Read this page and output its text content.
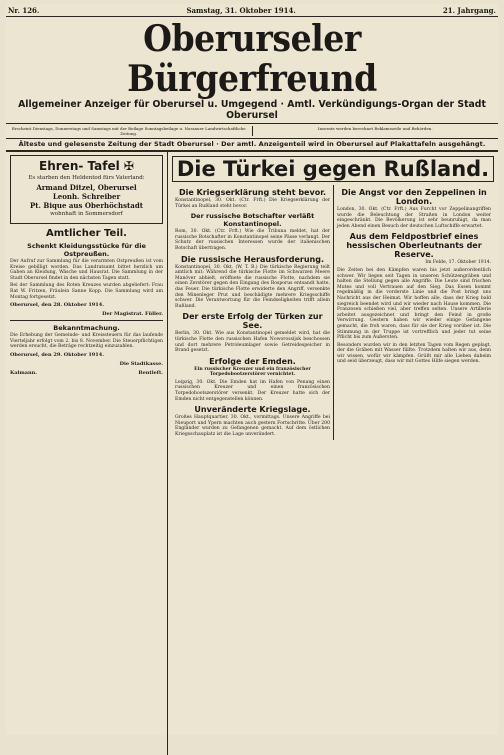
Nr. 126.	Samstag, 31. Oktober 1914.	21. Jahrgang.
Oberurseler Bürgerfreund
Allgemeiner Anzeiger für Oberursel u. Umgegend · Amtl. Verkündigungs-Organ der Stadt Oberursel
Erscheint Dienstags, Donnerstags und Samstags mit der Beilage Sonntagsbeilage u. Nassauer Landwirtschaftliche Zeitung.
Inserate werden berechnet Reklamezeile und Behörden.
Älteste und gelesenste Zeitung der Stadt Oberursel · Der amtl. Anzeigenteil wird in Oberursel auf Plakattafeln ausgehängt.
Ehren- Tafel ✠

Es starben den Heldentod fürs Vaterland:

Armand Ditzel, Oberursel

Leonh. Schreiber

Pt. Bique aus Oberhöchstadt

wohnhaft in Sommersdorf

Amtlicher Teil.
Schenkt Kleidungsstücke für die Ostpreußen.

Der Aufruf zur Sammlung für die verarmten Ostpreußen ist vom Kreise gebilligt worden. Das Landratsamt bittet herzlich um Gaben an Kleidung, Wäsche und Hausrat. Die Sammlung in der Stadt Oberursel findet in den nächsten Tagen statt.

Bei der Sammlung des Roten Kreuzes wurden abgeliefert: Frau Rat W. Fritzen, Fräulein Sanne Kopp. Die Sammlung wird am Montag fortgesetzt.

Oberursel, den 28. Oktober 1914.
Der Magistrat. Füller.
Bekanntmachung.

Die Erhebung der Gemeinde- und Kreissteuern für das laufende Vierteljahr erfolgt vom 2. bis 8. November. Die Steuerpflichtigen werden ersucht, die Beträge rechtzeitig einzuzahlen.

Oberursel, den 29. Oktober 1914.
Die Stadtkasse.
Kalmann.	Bentleft.
Die Türkei gegen Rußland.
Die Kriegserklärung steht bevor.

Konstantinopel, 30. Okt. (Ctr. Frft.) Die Kriegserklärung der Türkei an Rußland steht bevor.

Der russische Botschafter verläßt Konstantinopel.

Rom, 30. Okt. (Ctr. Frft.) Wie die Tribuna meldet, hat der russische Botschafter in Konstantinopel seine Pässe verlangt. Der Schutz der russischen Interessen wurde der italienischen Botschaft übertragen.

Die russische Herausforderung.

Konstantinopel, 30. Okt. (W. T. B.) Die türkische Regierung teilt amtlich mit: Während die türkische Flotte im Schwarzen Meere Manöver abhielt, eröffnete die russische Flotte, nachdem sie einen Zerstörer gegen den Eingang des Bosporus entsandt hatte, das Feuer. Die türkische Flotte erwiderte den Angriff, versenkte den Minenleger Prut und beschädigte mehrere Kriegsschiffe schwer. Die Verantwortung für die Feindseligkeiten trifft allein Rußland.

Der erste Erfolg der Türken zur See.

Berlin, 30. Okt. Wie aus Konstantinopel gemeldet wird, hat die türkische Flotte den russischen Hafen Noworossijsk beschossen und dort mehrere Petroleumlager sowie Getreidespeicher in Brand gesetzt.

Erfolge der Emden.

Ein russischer Kreuzer und ein französischer Torpedobootzerstörer vernichtet.

Leipzig, 30. Okt. Die Emden hat im Hafen von Penang einen russischen Kreuzer und einen französischen Torpedobootszerstörer versenkt. Der Kreuzer hatte sich der Emden nicht entgegenstellen können.

Unveränderte Kriegslage.

Großes Hauptquartier, 30. Okt., vormittags. Unsere Angriffe bei Nieuport und Ypern machten auch gestern Fortschritte. Über 200 Engländer wurden zu Gefangenen gemacht. Auf dem östlichen Kriegsschauplatz ist die Lage unverändert.

Die Angst vor den Zeppelinen in London.

London, 30. Okt. (Ctr. Frft.) Aus Furcht vor Zeppelinangriffen wurde die Beleuchtung der Straßen in London weiter eingeschränkt. Die Bevölkerung ist sehr beunruhigt, da man jeden Abend einen Besuch der deutschen Luftschiffe erwartet.

Aus dem Feldpostbrief eines hessischen Oberleutnants der Reserve.

Im Felde, 17. Oktober 1914.

Die Zeiten bei den Kämpfen waren bis jetzt außerordentlich schwer. Wir liegen seit Tagen in unseren Schützengräben und halten die Stellung gegen alle Angriffe. Die Leute sind frischen Mutes und voll Vertrauen auf den Sieg. Das Essen kommt regelmäßig in die vorderste Linie und die Post bringt uns Nachricht aus der Heimat. Wir hoffen alle, dass der Krieg bald siegreich beendet wird und wir wieder nach Hause kommen. Die Franzosen schießen viel, aber treffen selten. Unsere Artillerie arbeitet ausgezeichnet und bringt den Feind in große Verwirrung. Gestern haben wir wieder einige Gefangene gemacht, die froh waren, dass für sie der Krieg vorüber ist. Die Stimmung in der Truppe ist vortrefflich und jeder tut seine Pflicht bis zum Äußersten.

Besonders wurden wir in den letzten Tagen vom Regen geplagt, der die Gräben mit Wasser füllte. Trotzdem halten wir aus, denn wir wissen, wofür wir kämpfen. Grüßt mir alle Lieben daheim und seid überzeugt, dass wir mit Gottes Hilfe siegen werden.
